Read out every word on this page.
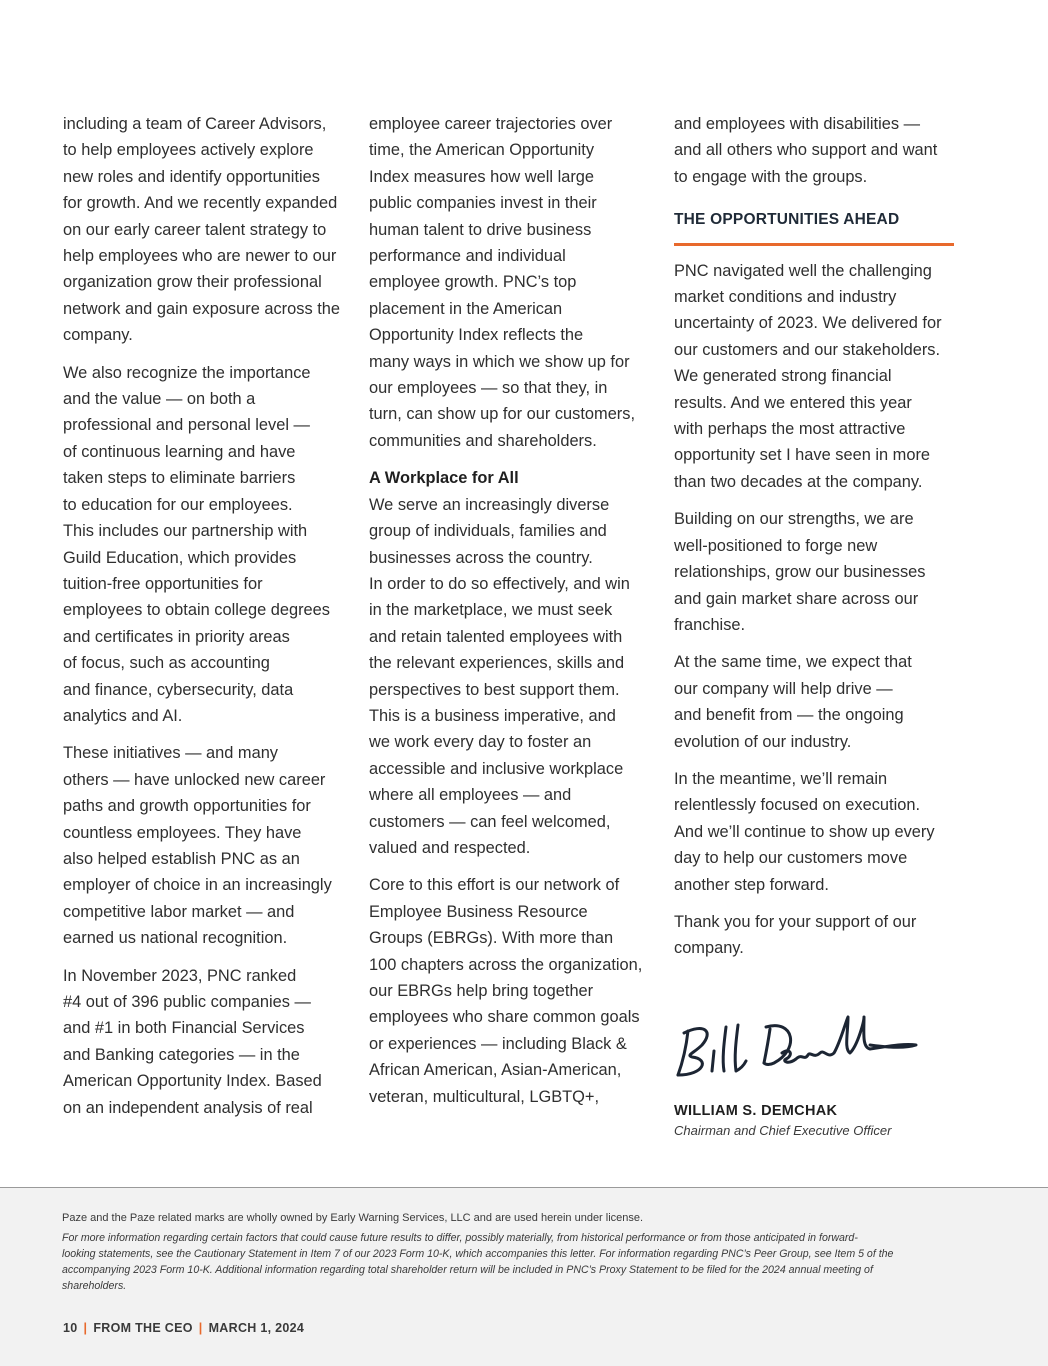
including a team of Career Advisors,
to help employees actively explore
new roles and identify opportunities
for growth. And we recently expanded
on our early career talent strategy to
help employees who are newer to our
organization grow their professional
network and gain exposure across the
company.

We also recognize the importance
and the value — on both a
professional and personal level —
of continuous learning and have
taken steps to eliminate barriers
to education for our employees.
This includes our partnership with
Guild Education, which provides
tuition-free opportunities for
employees to obtain college degrees
and certificates in priority areas
of focus, such as accounting
and finance, cybersecurity, data
analytics and AI.

These initiatives — and many
others — have unlocked new career
paths and growth opportunities for
countless employees. They have
also helped establish PNC as an
employer of choice in an increasingly
competitive labor market — and
earned us national recognition.

In November 2023, PNC ranked
#4 out of 396 public companies —
and #1 in both Financial Services
and Banking categories — in the
American Opportunity Index. Based
on an independent analysis of real

employee career trajectories over
time, the American Opportunity
Index measures how well large
public companies invest in their
human talent to drive business
performance and individual
employee growth. PNC’s top
placement in the American
Opportunity Index reflects the
many ways in which we show up for
our employees — so that they, in
turn, can show up for our customers,
communities and shareholders.

A Workplace for All
We serve an increasingly diverse
group of individuals, families and
businesses across the country.
In order to do so effectively, and win
in the marketplace, we must seek
and retain talented employees with
the relevant experiences, skills and
perspectives to best support them.
This is a business imperative, and
we work every day to foster an
accessible and inclusive workplace
where all employees — and
customers — can feel welcomed,
valued and respected.

Core to this effort is our network of
Employee Business Resource
Groups (EBRGs). With more than
100 chapters across the organization,
our EBRGs help bring together
employees who share common goals
or experiences — including Black &
African American, Asian-American,
veteran, multicultural, LGBTQ+,

and employees with disabilities —
and all others who support and want
to engage with the groups.

THE OPPORTUNITIES AHEAD

PNC navigated well the challenging
market conditions and industry
uncertainty of 2023. We delivered for
our customers and our stakeholders.
We generated strong financial
results. And we entered this year
with perhaps the most attractive
opportunity set I have seen in more
than two decades at the company.

Building on our strengths, we are
well-positioned to forge new
relationships, grow our businesses
and gain market share across our
franchise.

At the same time, we expect that
our company will help drive —
and benefit from — the ongoing
evolution of our industry.

In the meantime, we’ll remain
relentlessly focused on execution.
And we’ll continue to show up every
day to help our customers move
another step forward.

Thank you for your support of our
company.

WILLIAM S. DEMCHAK
Chairman and Chief Executive Officer

Paze and the Paze related marks are wholly owned by Early Warning Services, LLC and are used herein under license.

For more information regarding certain factors that could cause future results to differ, possibly materially, from historical performance or from those anticipated in forward-
looking statements, see the Cautionary Statement in Item 7 of our 2023 Form 10-K, which accompanies this letter. For information regarding PNC’s Peer Group, see Item 5 of the
accompanying 2023 Form 10-K. Additional information regarding total shareholder return will be included in PNC’s Proxy Statement to be filed for the 2024 annual meeting of
shareholders.

10 | FROM THE CEO | MARCH 1, 2024
